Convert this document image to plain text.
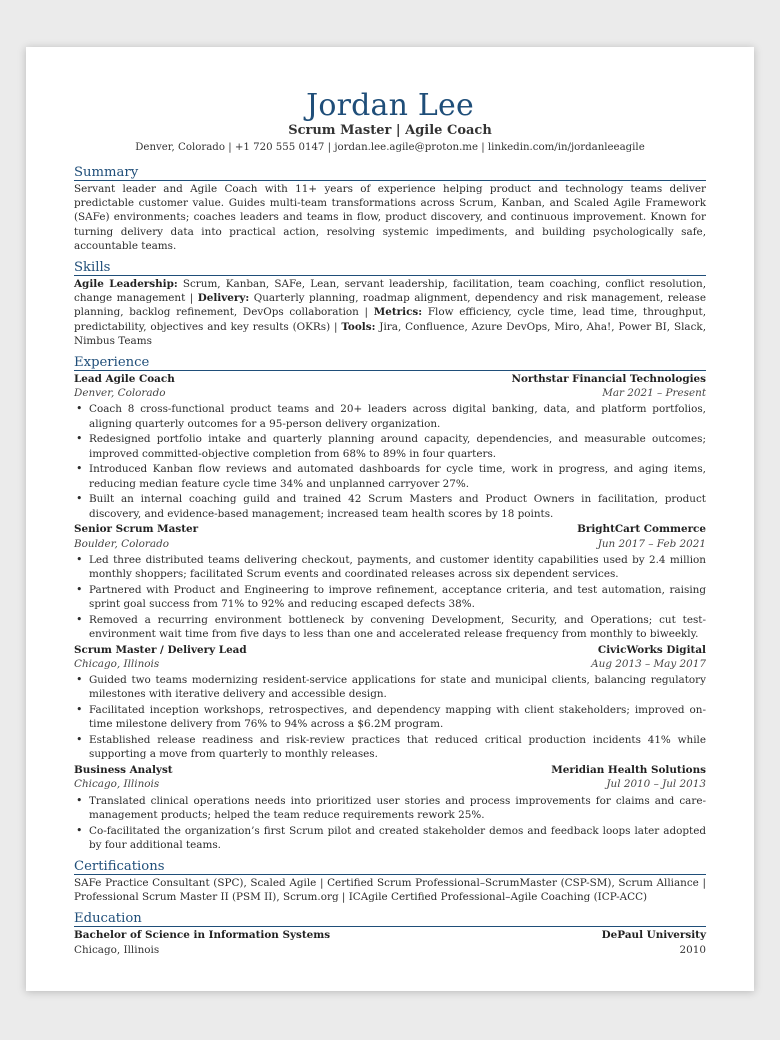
Jordan Lee
Scrum Master | Agile Coach
Denver, Colorado | +1 720 555 0147 | jordan.lee.agile@proton.me | linkedin.com/in/jordanleeagile
Summary
Servant leader and Agile Coach with 11+ years of experience helping product and technology teams deliver predictable customer value. Guides multi-team transformations across Scrum, Kanban, and Scaled Agile Framework (SAFe) environments; coaches leaders and teams in flow, product discovery, and continuous improvement. Known for turning delivery data into practical action, resolving systemic impediments, and building psychologically safe, accountable teams.
Skills
Agile Leadership: Scrum, Kanban, SAFe, Lean, servant leadership, facilitation, team coaching, conflict resolution, change management | Delivery: Quarterly planning, roadmap alignment, dependency and risk management, release planning, backlog refinement, DevOps collaboration | Metrics: Flow efficiency, cycle time, lead time, throughput, predictability, objectives and key results (OKRs) | Tools: Jira, Confluence, Azure DevOps, Miro, Aha!, Power BI, Slack, Nimbus Teams
Experience
Lead Agile Coach	Northstar Financial Technologies
Denver, Colorado	Mar 2021 – Present
• Coach 8 cross-functional product teams and 20+ leaders across digital banking, data, and platform portfolios, aligning quarterly outcomes for a 95-person delivery organization.
• Redesigned portfolio intake and quarterly planning around capacity, dependencies, and measurable outcomes; improved committed-objective completion from 68% to 89% in four quarters.
• Introduced Kanban flow reviews and automated dashboards for cycle time, work in progress, and aging items, reducing median feature cycle time 34% and unplanned carryover 27%.
• Built an internal coaching guild and trained 42 Scrum Masters and Product Owners in facilitation, product discovery, and evidence-based management; increased team health scores by 18 points.
Senior Scrum Master	BrightCart Commerce
Boulder, Colorado	Jun 2017 – Feb 2021
• Led three distributed teams delivering checkout, payments, and customer identity capabilities used by 2.4 million monthly shoppers; facilitated Scrum events and coordinated releases across six dependent services.
• Partnered with Product and Engineering to improve refinement, acceptance criteria, and test automation, raising sprint goal success from 71% to 92% and reducing escaped defects 38%.
• Removed a recurring environment bottleneck by convening Development, Security, and Operations; cut test-environment wait time from five days to less than one and accelerated release frequency from monthly to biweekly.
Scrum Master / Delivery Lead	CivicWorks Digital
Chicago, Illinois	Aug 2013 – May 2017
• Guided two teams modernizing resident-service applications for state and municipal clients, balancing regulatory milestones with iterative delivery and accessible design.
• Facilitated inception workshops, retrospectives, and dependency mapping with client stakeholders; improved on-time milestone delivery from 76% to 94% across a $6.2M program.
• Established release readiness and risk-review practices that reduced critical production incidents 41% while supporting a move from quarterly to monthly releases.
Business Analyst	Meridian Health Solutions
Chicago, Illinois	Jul 2010 – Jul 2013
• Translated clinical operations needs into prioritized user stories and process improvements for claims and care-management products; helped the team reduce requirements rework 25%.
• Co-facilitated the organization’s first Scrum pilot and created stakeholder demos and feedback loops later adopted by four additional teams.
Certifications
SAFe Practice Consultant (SPC), Scaled Agile | Certified Scrum Professional–ScrumMaster (CSP-SM), Scrum Alliance | Professional Scrum Master II (PSM II), Scrum.org | ICAgile Certified Professional–Agile Coaching (ICP-ACC)
Education
Bachelor of Science in Information Systems	DePaul University
Chicago, Illinois	2010
